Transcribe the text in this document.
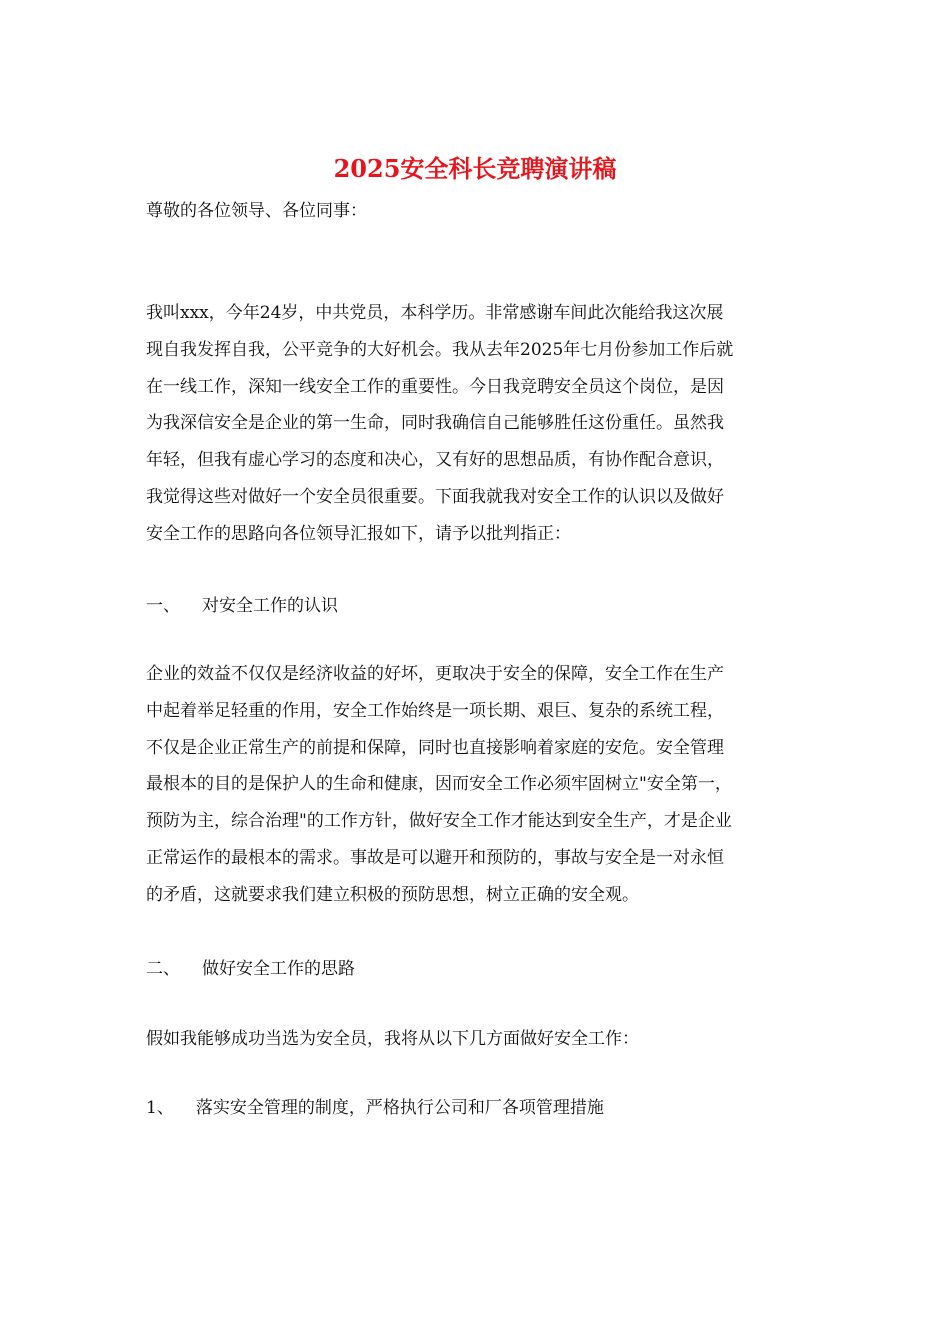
2025安全科长竞聘演讲稿
尊敬的各位领导、各位同事：
我叫xxx，今年24岁，中共党员，本科学历。非常感谢车间此次能给我这次展
现自我发挥自我，公平竞争的大好机会。我从去年2025年七月份参加工作后就
在一线工作，深知一线安全工作的重要性。今日我竞聘安全员这个岗位，是因
为我深信安全是企业的第一生命，同时我确信自己能够胜任这份重任。虽然我
年轻，但我有虚心学习的态度和决心，又有好的思想品质，有协作配合意识，
我觉得这些对做好一个安全员很重要。下面我就我对安全工作的认识以及做好
安全工作的思路向各位领导汇报如下，请予以批判指正：
一、 对安全工作的认识
企业的效益不仅仅是经济收益的好坏，更取决于安全的保障，安全工作在生产
中起着举足轻重的作用，安全工作始终是一项长期、艰巨、复杂的系统工程，
不仅是企业正常生产的前提和保障，同时也直接影响着家庭的安危。安全管理
最根本的目的是保护人的生命和健康，因而安全工作必须牢固树立"安全第一，
预防为主，综合治理"的工作方针，做好安全工作才能达到安全生产，才是企业
正常运作的最根本的需求。事故是可以避开和预防的，事故与安全是一对永恒
的矛盾，这就要求我们建立积极的预防思想，树立正确的安全观。
二、 做好安全工作的思路
假如我能够成功当选为安全员，我将从以下几方面做好安全工作：
1、 落实安全管理的制度，严格执行公司和厂各项管理措施
